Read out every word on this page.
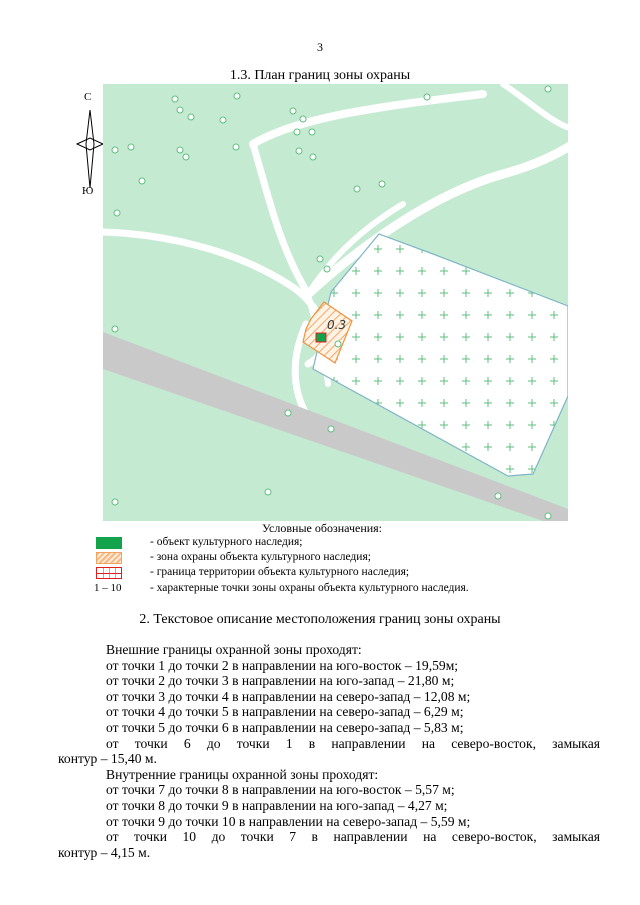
3
1.3. План границ зоны охраны
С
Ю
0.3
Условные обозначения:
- объект культурного наследия;
- зона охраны объекта культурного наследия;
- граница территории объекта культурного наследия;
1 – 10 - характерные точки зоны охраны объекта культурного наследия.
2. Текстовое описание местоположения границ зоны охраны
Внешние границы охранной зоны проходят:
от точки 1 до точки 2 в направлении на юго-восток – 19,59м;
от точки 2 до точки 3 в направлении на юго-запад – 21,80 м;
от точки 3 до точки 4 в направлении на северо-запад – 12,08 м;
от точки 4 до точки 5 в направлении на северо-запад – 6,29 м;
от точки 5 до точки 6 в направлении на северо-запад – 5,83 м;
от точки 6 до точки 1 в направлении на северо-восток, замыкая
контур – 15,40 м.
Внутренние границы охранной зоны проходят:
от точки 7 до точки 8 в направлении на юго-восток – 5,57 м;
от точки 8 до точки 9 в направлении на юго-запад – 4,27 м;
от точки 9 до точки 10 в направлении на северо-запад – 5,59 м;
от точки 10 до точки 7 в направлении на северо-восток, замыкая
контур – 4,15 м.
